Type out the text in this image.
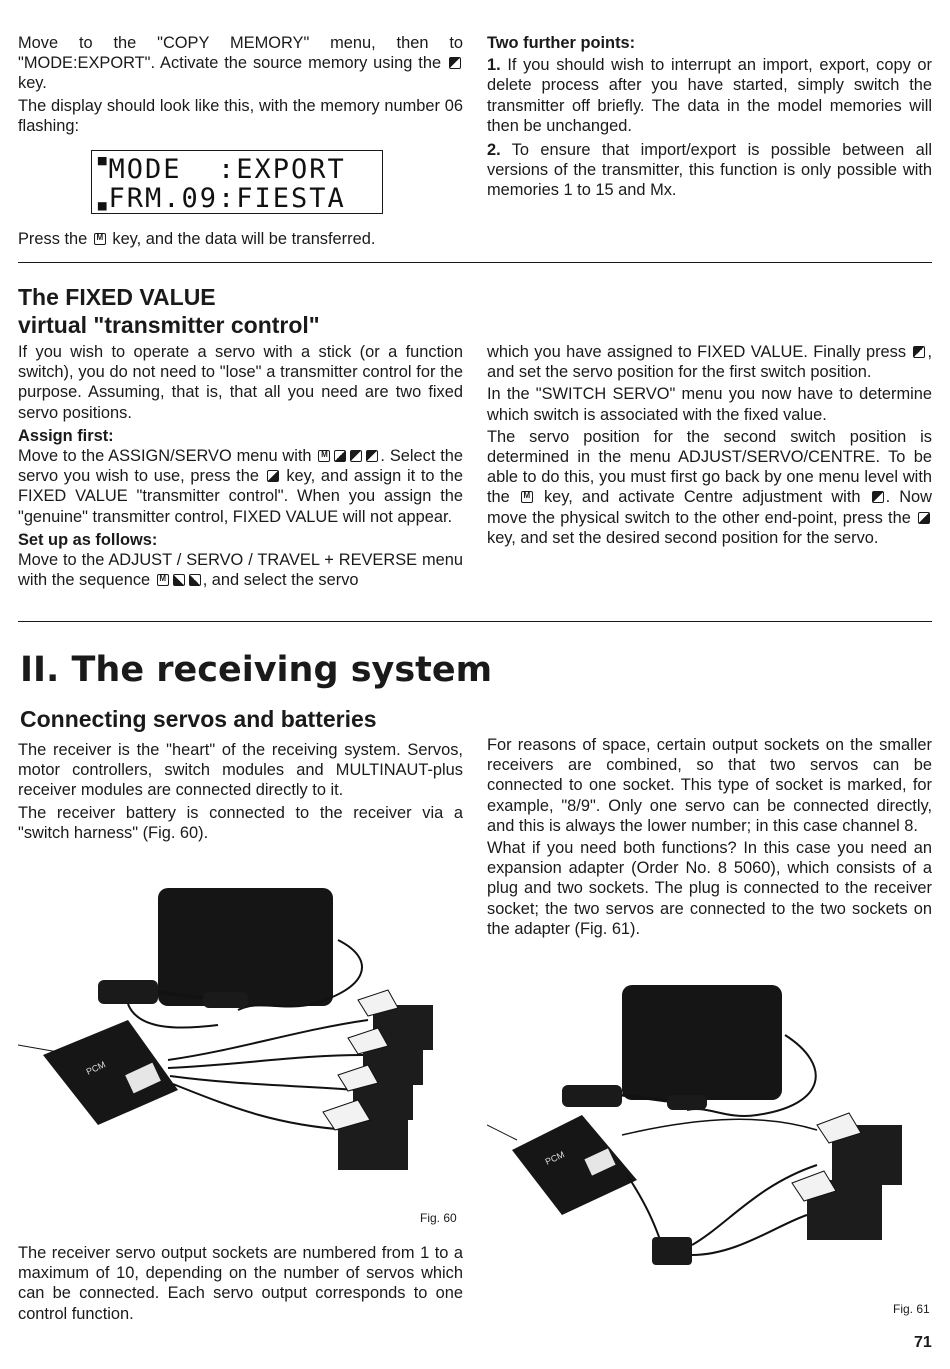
Move to the "COPY MEMORY" menu, then to "MODE:EXPORT". Activate the source memory using the  key.

The display should look like this, with the memory number 06 flashing:

▀MODE  :EXPORT
▄FRM.09:FIESTA

Press the M key, and the data will be transferred.

Two further points:

1. If you should wish to interrupt an import, export, copy or delete process after you have started, simply switch the transmitter off briefly. The data in the model memories will then be unchanged.

2. To ensure that import/export is possible between all versions of the transmitter, this function is only possible with memories 1 to 15 and Mx.

The FIXED VALUE
virtual "transmitter control"

If you wish to operate a servo with a stick (or a function switch), you do not need to "lose" a transmitter control for the purpose. Assuming, that is, that all you need are two fixed servo positions.

Assign first:

Move to the ASSIGN/SERVO menu with M	. Select the servo you wish to use, press the key, and assign it to the FIXED VALUE "transmitter control". When you assign the "genuine" transmitter control, FIXED VALUE will not appear.

Set up as follows:

Move to the ADJUST / SERVO / TRAVEL + REVERSE menu with the sequence M	, and select the servo

which you have assigned to FIXED VALUE. Finally press , and set the servo position for the first switch position.

In the "SWITCH SERVO" menu you now have to determine which switch is associated with the fixed value.

The servo position for the second switch position is determined in the menu ADJUST/SERVO/CENTRE. To be able to do this, you must first go back by one menu level with the M key, and activate Centre adjustment with . Now move the physical switch to the other end-point, press the  key, and set the desired second position for the servo.

II. The receiving system
Connecting servos and batteries

The receiver is the "heart" of the receiving system. Servos, motor controllers, switch modules and MULTINAUT-plus receiver modules are connected directly to it.

The receiver battery is connected to the receiver via a "switch harness" (Fig. 60).

PCM
Fig. 60

The receiver servo output sockets are numbered from 1 to a maximum of 10, depending on the number of servos which can be connected. Each servo output corresponds to one control function.

For reasons of space, certain output sockets on the smaller receivers are combined, so that two servos can be connected to one socket. This type of socket is marked, for example, "8/9". Only one servo can be connected directly, and this is always the lower number; in this case channel 8.

What if you need both functions? In this case you need an expansion adapter (Order No. 8 5060), which consists of a plug and two sockets. The plug is connected to the receiver socket; the two servos are connected to the two sockets on the adapter (Fig. 61).

PCM
Fig. 61
71
